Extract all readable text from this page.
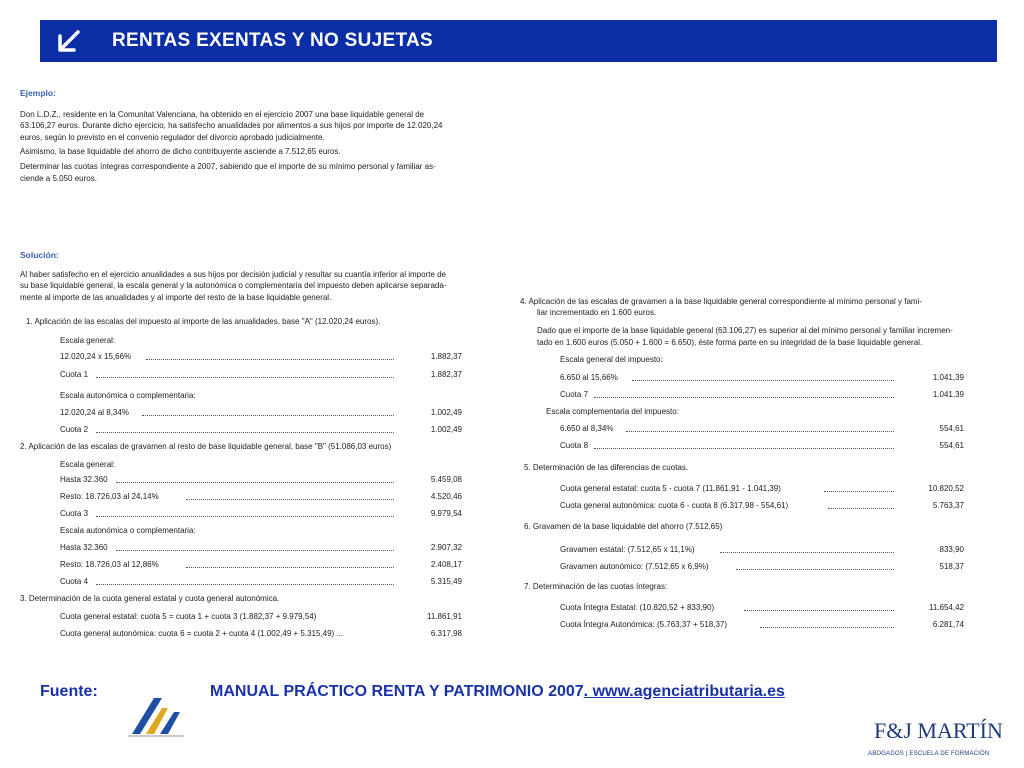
RENTAS EXENTAS Y NO SUJETAS
Ejemplo:
Don L.D.Z., residente en la Comunitat Valenciana, ha obtenido en el ejercicio 2007 una base liquidable general de
63.106,27 euros. Durante dicho ejercicio, ha satisfecho anualidades por alimentos a sus hijos por importe de 12.020,24
euros, según lo previsto en el convenio regulador del divorcio aprobado judicialmente.
Asimismo, la base liquidable del ahorro de dicho contribuyente asciende a 7.512,65 euros.
Determinar las cuotas íntegras correspondiente a 2007, sabiendo que el importe de su mínimo personal y familiar as-
ciende a 5.050 euros.
Solución:
Al haber satisfecho en el ejercicio anualidades a sus hijos por decisión judicial y resultar su cuantía inferior al importe de
su base liquidable general, la escala general y la autonómica o complementaria del impuesto deben aplicarse separada-
mente al importe de las anualidades y al importe del resto de la base liquidable general.
1. Aplicación de las escalas del impuesto al importe de las anualidades, base "A" (12.020,24 euros).
Escala general:
12.020,24 x 15,66%	1.882,37
Cuota 1	1.882,37
Escala autonómica o complementaria:
12.020,24 al 8,34%	1.002,49
Cuota 2	1.002,49
2. Aplicación de las escalas de gravamen al resto de base liquidable general, base "B" (51.086,03 euros)
Escala general:
Hasta 32.360	5.459,08
Resto: 18.726,03 al 24,14%	4.520,46
Cuota 3	9.979,54
Escala autonómica o complementaria:
Hasta 32.360	2.907,32
Resto: 18.726,03 al 12,86%	2.408,17
Cuota 4	5.315,49
3. Determinación de la cuota general estatal y cuota general autonómica.
Cuota general estatal: cuota 5 = cuota 1 + cuota 3 (1.882,37 + 9.979,54)	11.861,91
Cuota general autonómica: cuota 6 = cuota 2 + cuota 4 (1.002,49 + 5.315,49) ...	6.317,98
4. Aplicación de las escalas de gravamen a la base liquidable general correspondiente al mínimo personal y fami-
liar incrementado en 1.600 euros.
Dado que el importe de la base liquidable general (63.106,27) es superior al del mínimo personal y familiar incremen-
tado en 1.600 euros (5.050 + 1.600 = 6.650), éste forma parte en su integridad de la base liquidable general.
Escala general del impuesto:
6.650 al 15,66%	1.041,39
Cuota 7	1.041,39
Escala complementaria del impuesto:
6.650 al 8,34%	554,61
Cuota 8	554,61
5. Determinación de las diferencias de cuotas.
Cuota general estatal: cuota 5 - cuota 7 (11.861,91 - 1.041,39)	10.820,52
Cuota general autonómica: cuota 6 - cuota 8 (6.317,98 - 554,61)	5.763,37
6. Gravamen de la base liquidable del ahorro (7.512,65)
Gravamen estatal: (7.512,65 x 11,1%)	833,90
Gravamen autonómico: (7.512,65 x 6,9%)	518,37
7. Determinación de las cuotas íntegras:
Cuota Íntegra Estatal: (10.820,52 + 833,90)	11.654,42
Cuota Íntegra Autonómica: (5.763,37 + 518,37)	6.281,74
Fuente:	MANUAL PRÁCTICO RENTA Y PATRIMONIO 2007. www.agenciatributaria.es
F&J MARTÍN
ABOGADOS | ESCUELA DE FORMACIÓN
